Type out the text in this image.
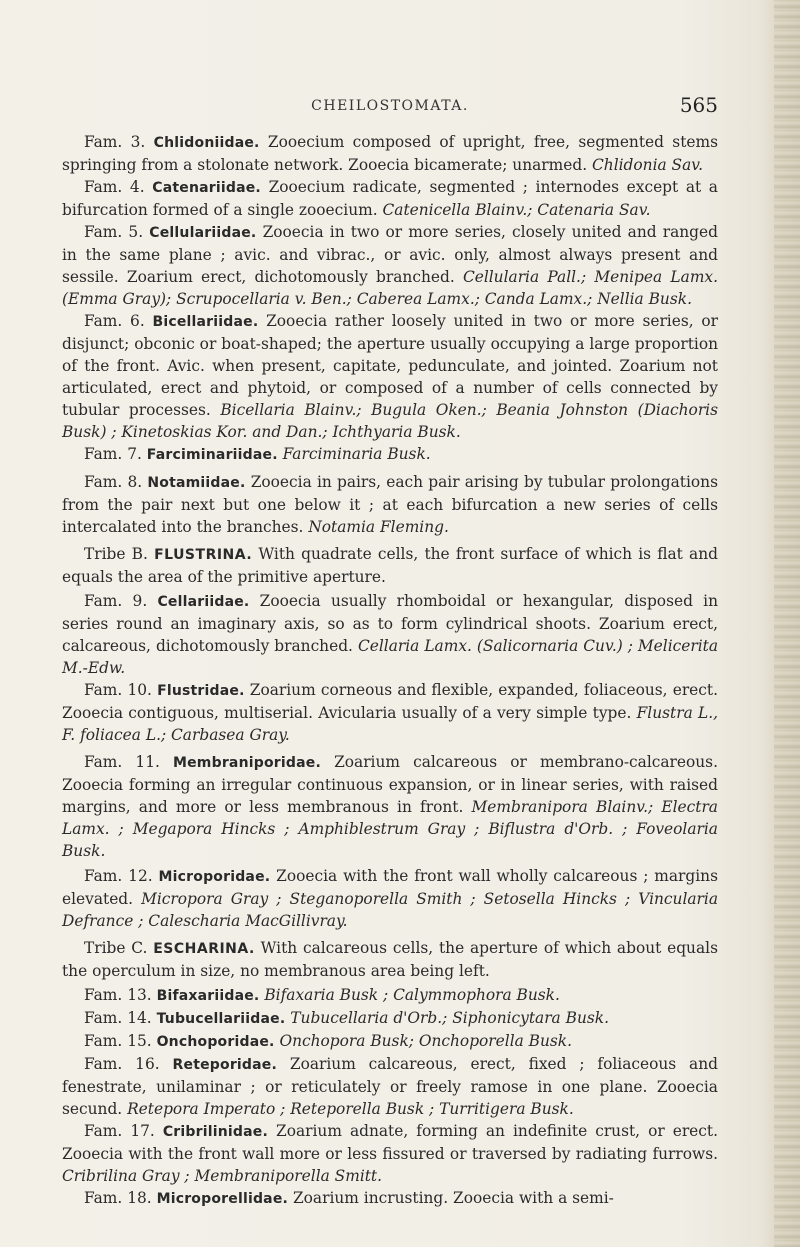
CHEILOSTOMATA.	565

Fam. 3. Chlidoniidae. Zooecium composed of upright, free, segmented stems springing from a stolonate network. Zooecia bicamerate; unarmed. Chlidonia Sav.

Fam. 4. Catenariidae. Zooecium radicate, segmented ; internodes except at a bifurcation formed of a single zooecium. Catenicella Blainv.; Catenaria Sav.

Fam. 5. Cellulariidae. Zooecia in two or more series, closely united and ranged in the same plane ; avic. and vibrac., or avic. only, almost always present and sessile. Zoarium erect, dichotomously branched. Cellularia Pall.; Menipea Lamx. (Emma Gray); Scrupocellaria v. Ben.; Caberea Lamx.; Canda Lamx.; Nellia Busk.

Fam. 6. Bicellariidae. Zooecia rather loosely united in two or more series, or disjunct; obconic or boat-shaped; the aperture usually occupying a large proportion of the front. Avic. when present, capitate, pedunculate, and jointed. Zoarium not articulated, erect and phytoid, or composed of a number of cells connected by tubular processes. Bicellaria Blainv.; Bugula Oken.; Beania Johnston (Diachoris Busk) ; Kinetoskias Kor. and Dan.; Ichthyaria Busk.

Fam. 7. Farciminariidae. Farciminaria Busk.

Fam. 8. Notamiidae. Zooecia in pairs, each pair arising by tubular prolongations from the pair next but one below it ; at each bifurcation a new series of cells intercalated into the branches. Notamia Fleming.

Tribe B. FLUSTRINA. With quadrate cells, the front surface of which is flat and equals the area of the primitive aperture.

Fam. 9. Cellariidae. Zooecia usually rhomboidal or hexangular, disposed in series round an imaginary axis, so as to form cylindrical shoots. Zoarium erect, calcareous, dichotomously branched. Cellaria Lamx. (Salicornaria Cuv.) ; Melicerita M.-Edw.

Fam. 10. Flustridae. Zoarium corneous and flexible, expanded, foliaceous, erect. Zooecia contiguous, multiserial. Avicularia usually of a very simple type. Flustra L., F. foliacea L.; Carbasea Gray.

Fam. 11. Membraniporidae. Zoarium calcareous or membrano-calcareous. Zooecia forming an irregular continuous expansion, or in linear series, with raised margins, and more or less membranous in front. Membranipora Blainv.; Electra Lamx. ; Megapora Hincks ; Amphiblestrum Gray ; Biflustra d'Orb. ; Foveolaria Busk.

Fam. 12. Microporidae. Zooecia with the front wall wholly calcareous ; margins elevated. Micropora Gray ; Steganoporella Smith ; Setosella Hincks ; Vincularia Defrance ; Calescharia MacGillivray.

Tribe C. ESCHARINA. With calcareous cells, the aperture of which about equals the operculum in size, no membranous area being left.

Fam. 13. Bifaxariidae. Bifaxaria Busk ; Calymmophora Busk.

Fam. 14. Tubucellariidae. Tubucellaria d'Orb.; Siphonicytara Busk.

Fam. 15. Onchoporidae. Onchopora Busk; Onchoporella Busk.

Fam. 16. Reteporidae. Zoarium calcareous, erect, fixed ; foliaceous and fenestrate, unilaminar ; or reticulately or freely ramose in one plane. Zooecia secund. Retepora Imperato ; Reteporella Busk ; Turritigera Busk.

Fam. 17. Cribrilinidae. Zoarium adnate, forming an indefinite crust, or erect. Zooecia with the front wall more or less fissured or traversed by radiating furrows. Cribrilina Gray ; Membraniporella Smitt.

Fam. 18. Microporellidae. Zoarium incrusting. Zooecia with a semi-
